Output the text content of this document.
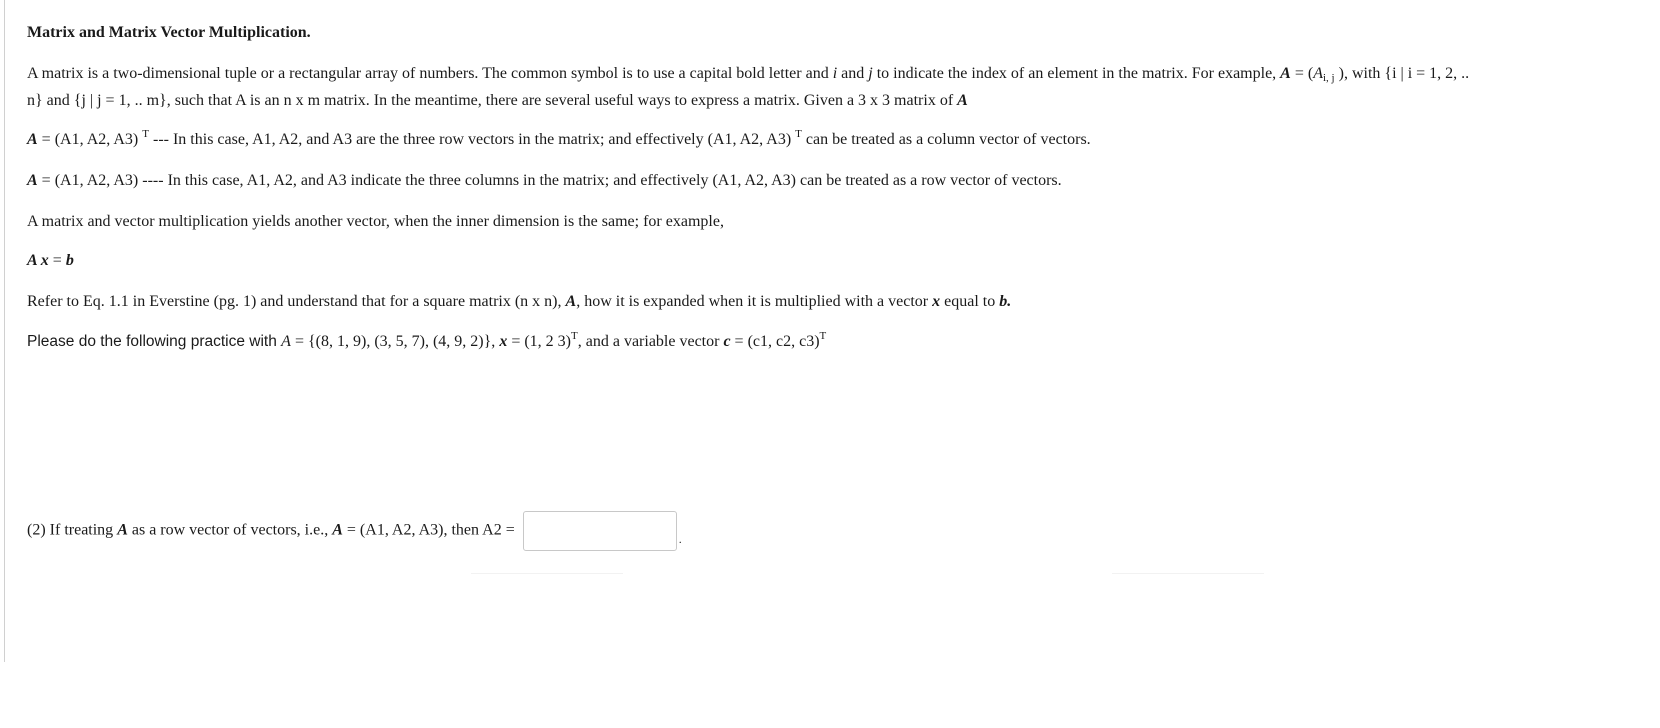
Matrix and Matrix Vector Multiplication.
A matrix is a two-dimensional tuple or a rectangular array of numbers. The common symbol is to use a capital bold letter and i and j to indicate the index of an element in the matrix. For example, $A = (A_{i, j}$ ), with {i | i = 1, 2, ..
n} and {j | j = 1, .. m}, such that A is an n x m matrix. In the meantime, there are several useful ways to express a matrix. Given a 3 x 3 matrix of A
A = (A1, A2, A3) $^T$ --- In this case, A1, A2, and A3 are the three row vectors in the matrix; and effectively (A1, A2, A3) $^T$ can be treated as a column vector of vectors.
A = (A1, A2, A3) ---- In this case, A1, A2, and A3 indicate the three columns in the matrix; and effectively (A1, A2, A3) can be treated as a row vector of vectors.
A matrix and vector multiplication yields another vector, when the inner dimension is the same; for example,
A x = b
Refer to Eq. 1.1 in Everstine (pg. 1) and understand that for a square matrix (n x n), A, how it is expanded when it is multiplied with a vector x equal to b.
Please do the following practice with A = {(8, 1, 9), (3, 5, 7), (4, 9, 2)}, x = (1, 2 3)$^T$, and a variable vector c = (c1, c2, c3)$^T$
(2) If treating A as a row vector of vectors, i.e., A = (A1, A2, A3), then A2 =	.
